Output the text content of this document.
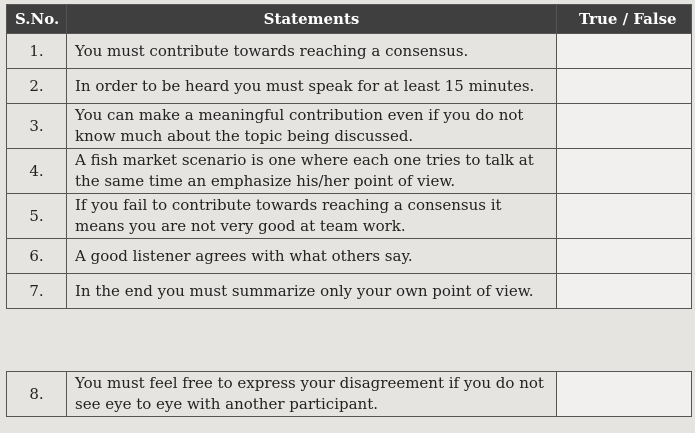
S.No.	Statements	True / False
1.	You must contribute towards reaching a consensus.	
2.	In order to be heard you must speak for at least 15 minutes.	
3.	You can make a meaningful contribution even if you do not know much about the topic being discussed.	
4.	A fish market scenario is one where each one tries to talk at the same time an emphasize his/her point of view.	
5.	If you fail to contribute towards reaching a consensus it means you are not very good at team work.	
6.	A good listener agrees with what others say.	
7.	In the end you must summarize only your own point of view.	
8.	You must feel free to express your disagreement if you do not see eye to eye with another participant.	
